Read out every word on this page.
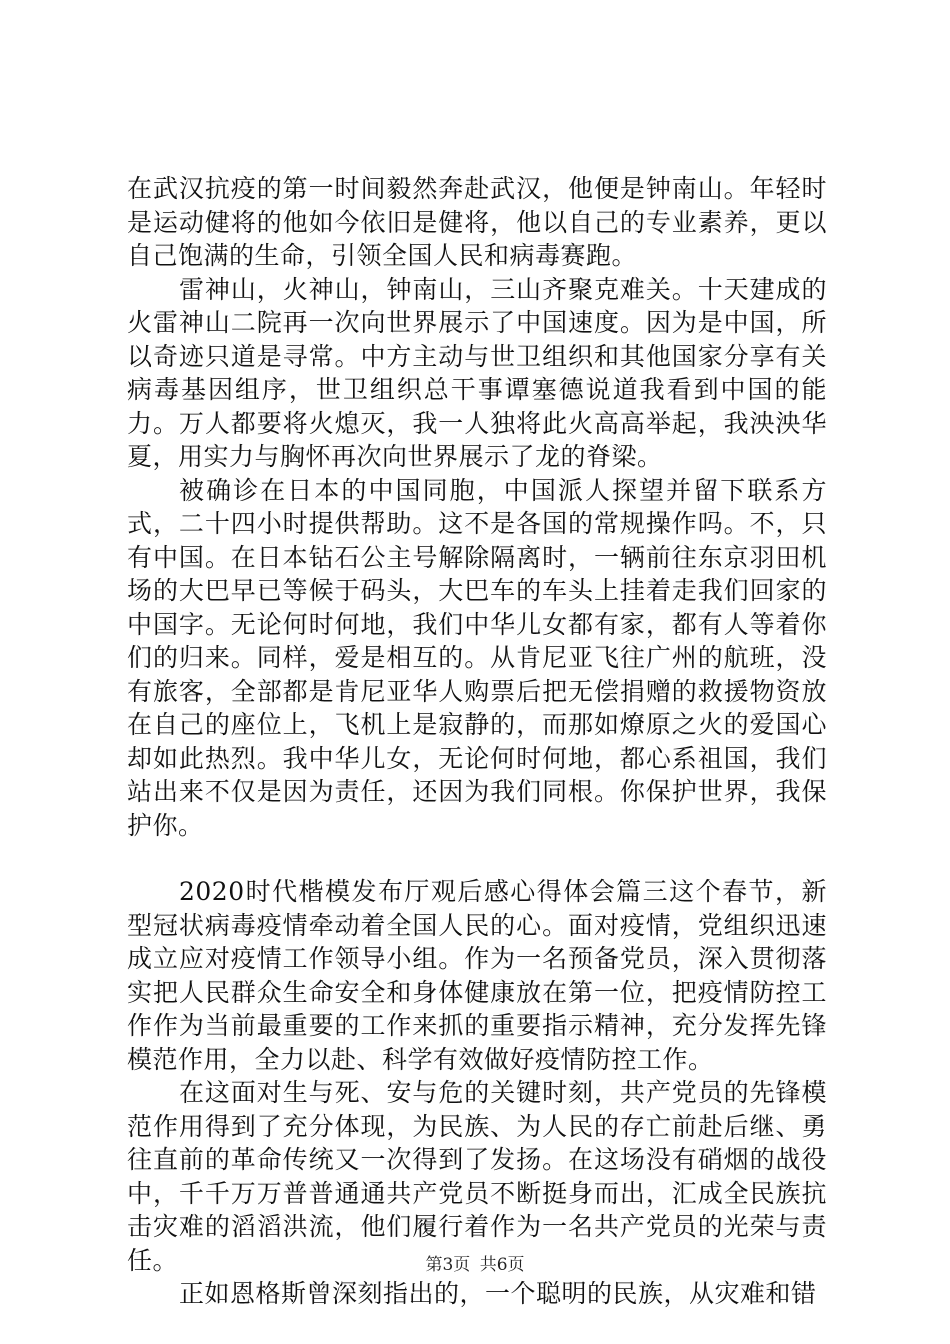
在武汉抗疫的第一时间毅然奔赴武汉，他便是钟南山。年轻时是运动健将的他如今依旧是健将，他以自己的专业素养，更以自己饱满的生命，引领全国人民和病毒赛跑。

雷神山，火神山，钟南山，三山齐聚克难关。十天建成的火雷神山二院再一次向世界展示了中国速度。因为是中国，所以奇迹只道是寻常。中方主动与世卫组织和其他国家分享有关病毒基因组序，世卫组织总干事谭塞德说道我看到中国的能力。万人都要将火熄灭，我一人独将此火高高举起，我泱泱华夏，用实力与胸怀再次向世界展示了龙的脊梁。

被确诊在日本的中国同胞，中国派人探望并留下联系方式，二十四小时提供帮助。这不是各国的常规操作吗。不，只有中国。在日本钻石公主号解除隔离时，一辆前往东京羽田机场的大巴早已等候于码头，大巴车的车头上挂着走我们回家的中国字。无论何时何地，我们中华儿女都有家，都有人等着你们的归来。同样，爱是相互的。从肯尼亚飞往广州的航班，没有旅客，全部都是肯尼亚华人购票后把无偿捐赠的救援物资放在自己的座位上，飞机上是寂静的，而那如燎原之火的爱国心却如此热烈。我中华儿女，无论何时何地，都心系祖国，我们站出来不仅是因为责任，还因为我们同根。你保护世界，我保护你。

2020时代楷模发布厅观后感心得体会篇三这个春节，新型冠状病毒疫情牵动着全国人民的心。面对疫情，党组织迅速成立应对疫情工作领导小组。作为一名预备党员，深入贯彻落实把人民群众生命安全和身体健康放在第一位，把疫情防控工作作为当前最重要的工作来抓的重要指示精神，充分发挥先锋模范作用，全力以赴、科学有效做好疫情防控工作。

在这面对生与死、安与危的关键时刻，共产党员的先锋模范作用得到了充分体现，为民族、为人民的存亡前赴后继、勇往直前的革命传统又一次得到了发扬。在这场没有硝烟的战役中，千千万万普普通通共产党员不断挺身而出，汇成全民族抗击灾难的滔滔洪流，他们履行着作为一名共产党员的光荣与责任。

正如恩格斯曾深刻指出的，一个聪明的民族，从灾难和错

第3页 共6页
